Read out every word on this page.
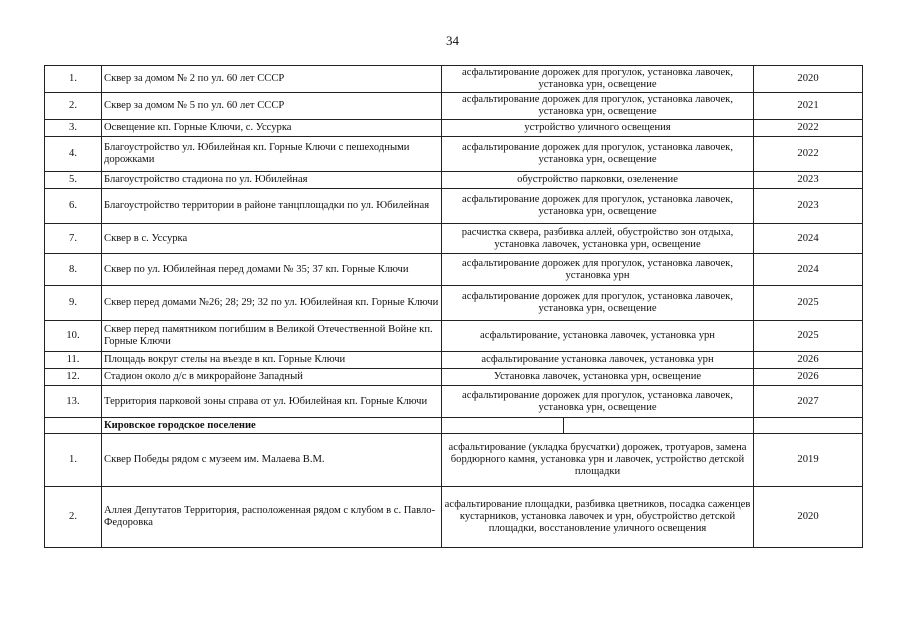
34
1.	Сквер за домом № 2 по ул. 60 лет СССР	асфальтирование дорожек для прогулок, установка лавочек, установка урн, освещение		2020
2.	Сквер за домом № 5 по ул. 60 лет СССР	асфальтирование дорожек для прогулок, установка лавочек, установка урн, освещение		2021
3.	Освещение кп. Горные Ключи, с. Уссурка	устройство уличного освещения		2022
4.	Благоустройство ул. Юбилейная кп. Горные Ключи с пешеходными дорожками	асфальтирование дорожек для прогулок, установка лавочек, установка урн, освещение		2022
5.	Благоустройство стадиона по ул. Юбилейная	обустройство парковки, озеленение		2023
6.	Благоустройство территории в районе танцплощадки по ул. Юбилейная	асфальтирование дорожек для прогулок, установка лавочек, установка урн, освещение		2023
7.	Сквер в с. Уссурка	расчистка сквера, разбивка аллей, обустройство зон отдыха, установка лавочек, установка урн, освещение		2024
8.	Сквер по ул. Юбилейная перед домами № 35; 37 кп. Горные Ключи	асфальтирование дорожек для прогулок, установка лавочек, установка урн		2024
9.	Сквер перед домами №26; 28; 29; 32 по ул. Юбилейная кп. Горные Ключи	асфальтирование дорожек для прогулок, установка лавочек, установка урн, освещение		2025
10.	Сквер перед памятником погибшим в Великой Отечественной Войне кп. Горные Ключи	асфальтирование, установка лавочек, установка урн		2025
11.	Площадь вокруг стелы на въезде в кп. Горные Ключи	асфальтирование установка лавочек, установка урн		2026
12.	Стадион около д/с в микрорайоне Западный	Установка лавочек, установка урн, освещение		2026
13.	Территория парковой зоны справа от ул. Юбилейная кп. Горные Ключи	асфальтирование дорожек для прогулок, установка лавочек, установка урн, освещение		2027
	Кировское городское поселение			
1.	Сквер Победы рядом с музеем им. Малаева В.М.	асфальтирование (укладка брусчатки) дорожек, тротуаров, замена бордюрного камня, установка урн и лавочек, устройство детской площадки		2019
2.	Аллея Депутатов Территория, расположенная рядом с клубом в с. Павло-Федоровка	асфальтирование площадки, разбивка цветников, посадка саженцев кустарников, установка лавочек и урн, обустройство детской площадки, восстановление уличного освещения		2020
